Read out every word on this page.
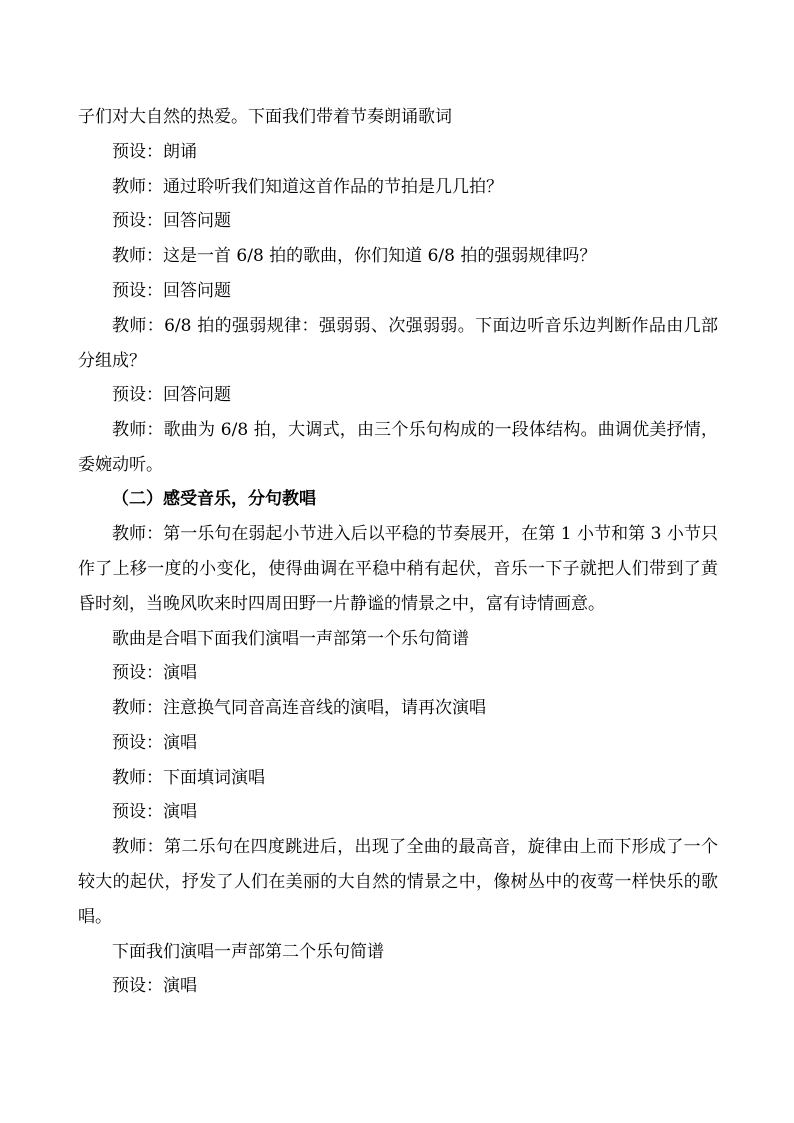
子们对大自然的热爱。下面我们带着节奏朗诵歌词

预设：朗诵

教师：通过聆听我们知道这首作品的节拍是几几拍？

预设：回答问题

教师：这是一首 6/8 拍的歌曲，你们知道 6/8 拍的强弱规律吗？

预设：回答问题

教师：6/8 拍的强弱规律：强弱弱、次强弱弱。下面边听音乐边判断作品由几部分组成？

预设：回答问题

教师：歌曲为 6/8 拍，大调式，由三个乐句构成的一段体结构。曲调优美抒情，委婉动听。

（二）感受音乐，分句教唱

教师：第一乐句在弱起小节进入后以平稳的节奏展开，在第 1 小节和第 3 小节只作了上移一度的小变化，使得曲调在平稳中稍有起伏，音乐一下子就把人们带到了黄昏时刻，当晚风吹来时四周田野一片静谧的情景之中，富有诗情画意。

歌曲是合唱下面我们演唱一声部第一个乐句简谱

预设：演唱

教师：注意换气同音高连音线的演唱，请再次演唱

预设：演唱

教师：下面填词演唱

预设：演唱

教师：第二乐句在四度跳进后，出现了全曲的最高音，旋律由上而下形成了一个较大的起伏，抒发了人们在美丽的大自然的情景之中，像树丛中的夜莺一样快乐的歌唱。

下面我们演唱一声部第二个乐句简谱

预设：演唱
